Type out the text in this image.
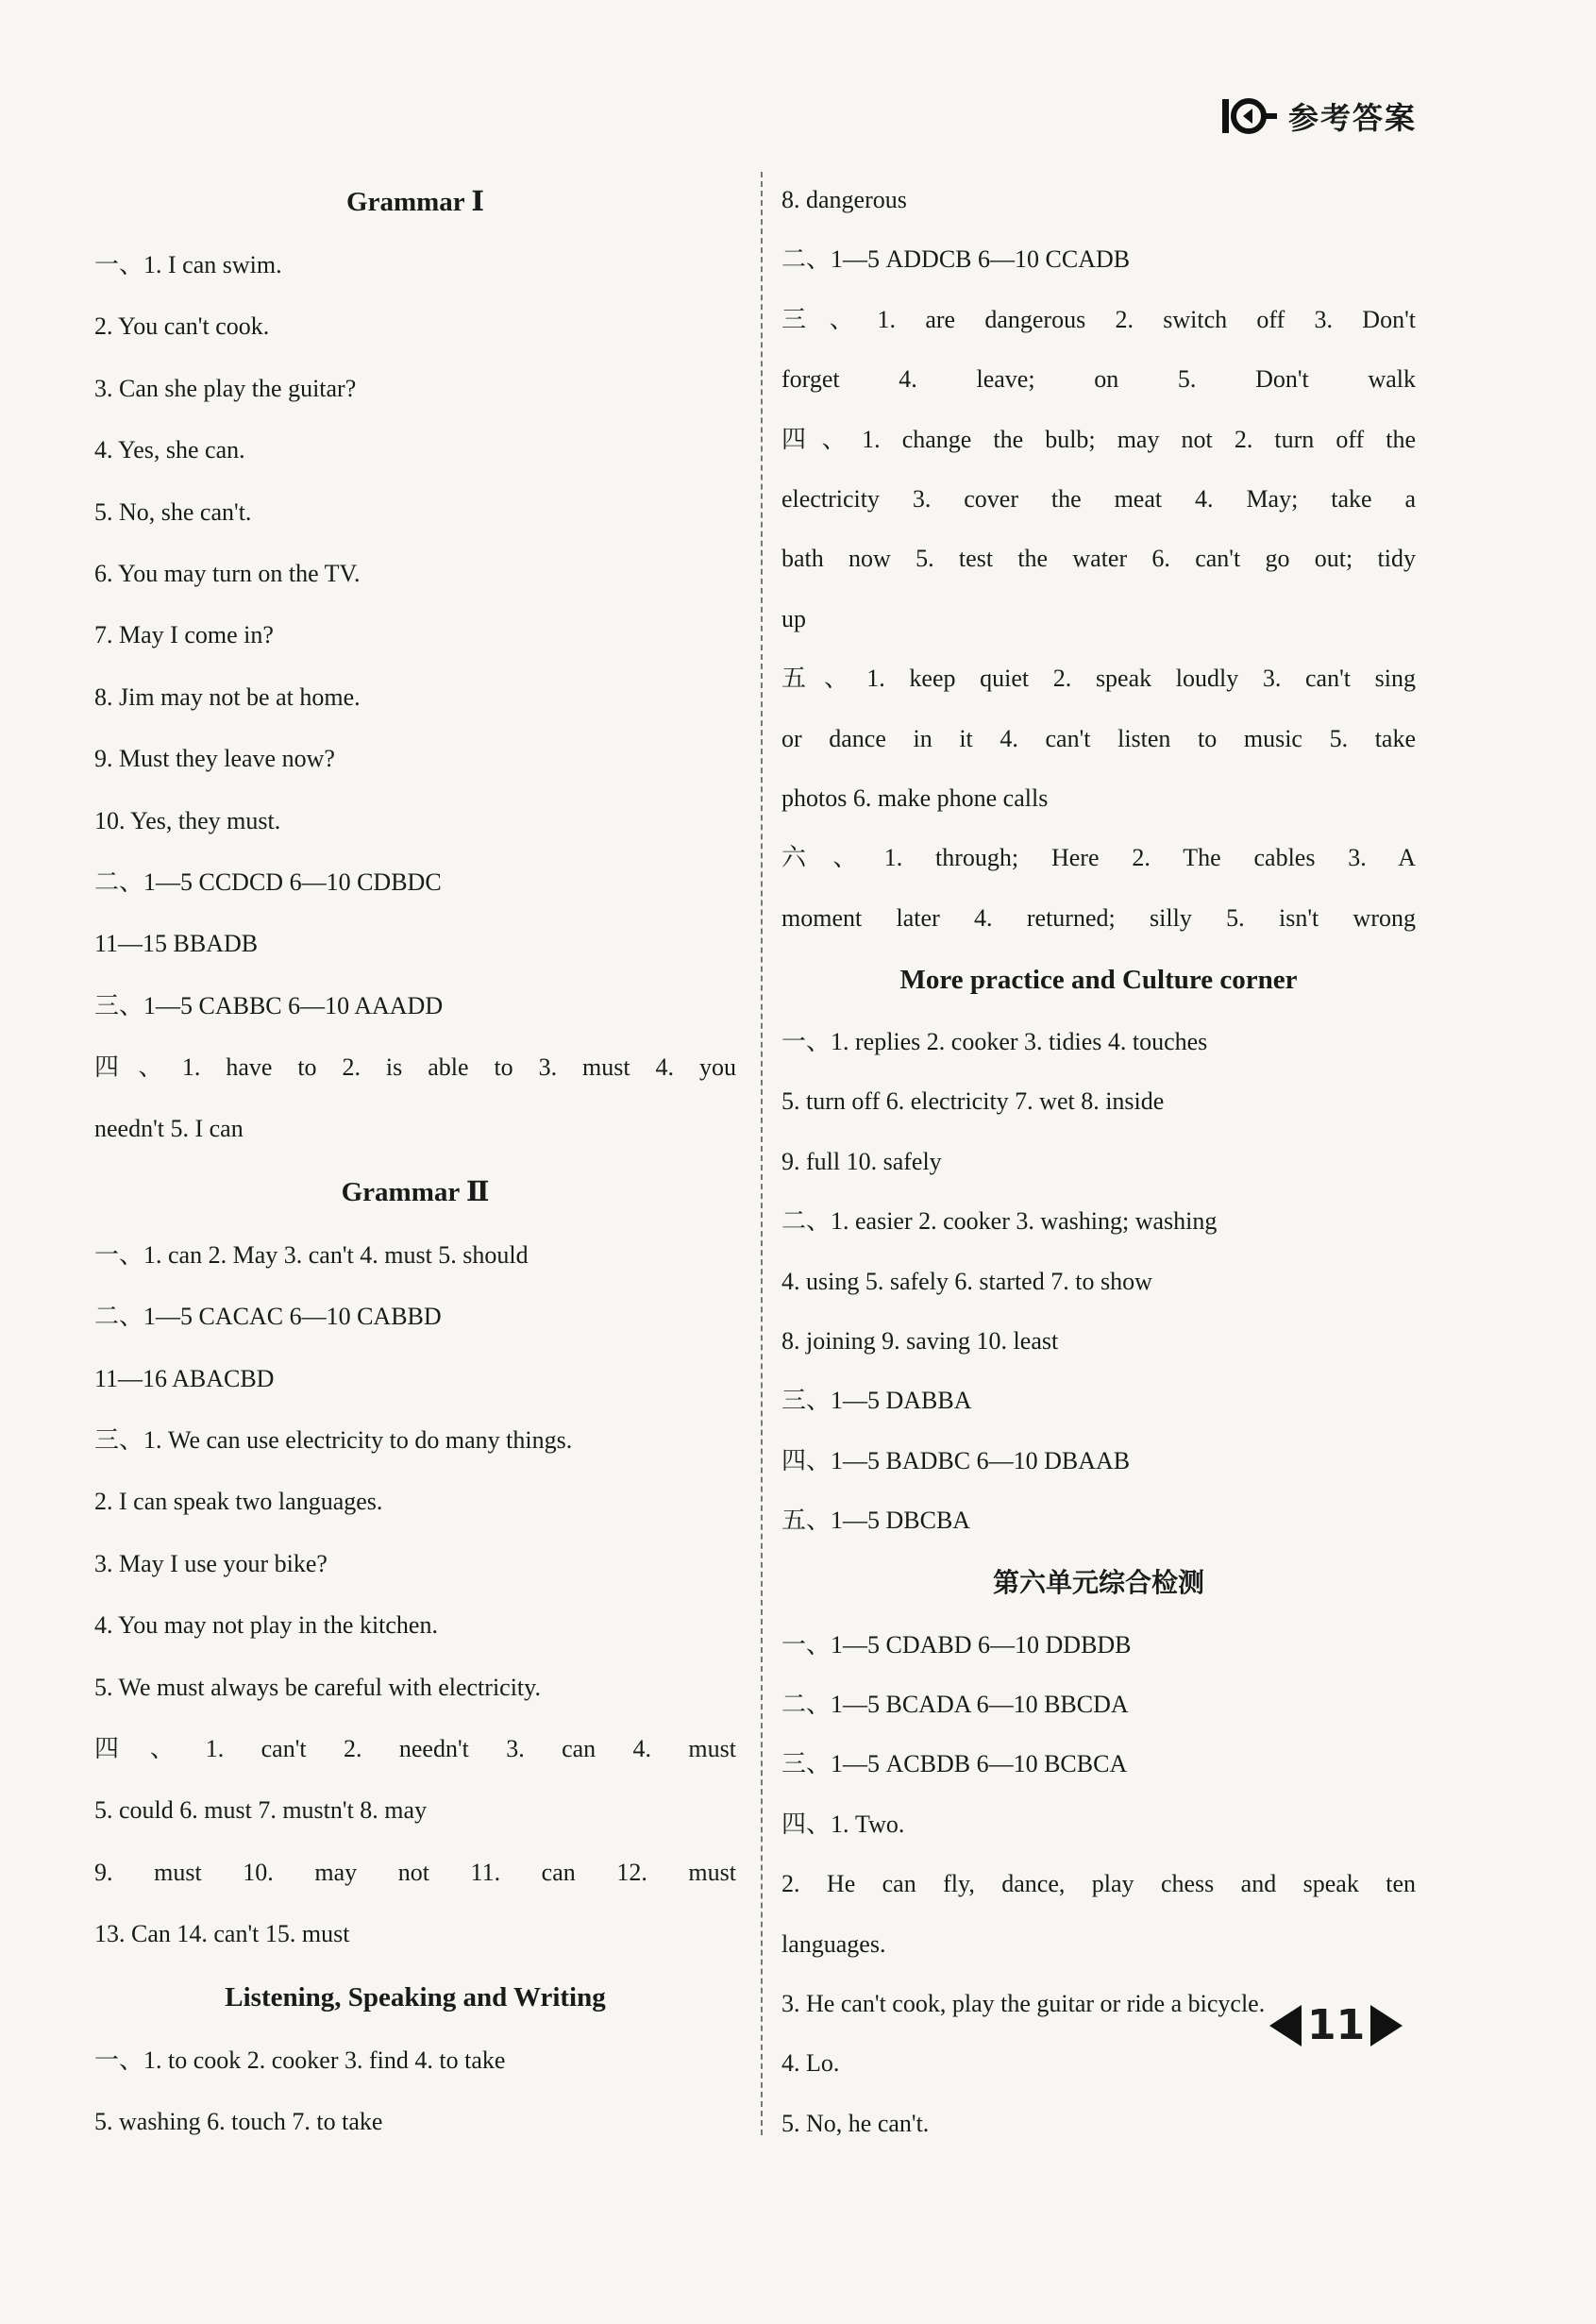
参考答案
Grammar Ⅰ
一、1. I can swim.
2. You can't cook.
3. Can she play the guitar?
4. Yes, she can.
5. No, she can't.
6. You may turn on the TV.
7. May I come in?
8. Jim may not be at home.
9. Must they leave now?
10. Yes, they must.
二、1—5 CCDCD 6—10 CDBDC
11—15 BBADB
三、1—5 CABBC 6—10 AAADD
四、1. have to 2. is able to 3. must 4. you
needn't 5. I can
Grammar Ⅱ
一、1. can 2. May 3. can't 4. must 5. should
二、1—5 CACAC 6—10 CABBD
11—16 ABACBD
三、1. We can use electricity to do many things.
2. I can speak two languages.
3. May I use your bike?
4. You may not play in the kitchen.
5. We must always be careful with electricity.
四、1. can't 2. needn't 3. can 4. must
5. could 6. must 7. mustn't 8. may
9. must 10. may not 11. can 12. must
13. Can 14. can't 15. must
Listening, Speaking and Writing
一、1. to cook 2. cooker 3. find 4. to take
5. washing 6. touch 7. to take
8. dangerous
二、1—5 ADDCB 6—10 CCADB
三、1. are dangerous 2. switch off 3. Don't
forget 4. leave; on 5. Don't walk
四、1. change the bulb; may not 2. turn off the
electricity 3. cover the meat 4. May; take a
bath now 5. test the water 6. can't go out; tidy
up
五、1. keep quiet 2. speak loudly 3. can't sing
or dance in it 4. can't listen to music 5. take
photos 6. make phone calls
六、1. through; Here 2. The cables 3. A
moment later 4. returned; silly 5. isn't wrong
More practice and Culture corner
一、1. replies 2. cooker 3. tidies 4. touches
5. turn off 6. electricity 7. wet 8. inside
9. full 10. safely
二、1. easier 2. cooker 3. washing; washing
4. using 5. safely 6. started 7. to show
8. joining 9. saving 10. least
三、1—5 DABBA
四、1—5 BADBC 6—10 DBAAB
五、1—5 DBCBA
第六单元综合检测
一、1—5 CDABD 6—10 DDBDB
二、1—5 BCADA 6—10 BBCDA
三、1—5 ACBDB 6—10 BCBCA
四、1. Two.
2. He can fly, dance, play chess and speak ten
languages.
3. He can't cook, play the guitar or ride a bicycle.
4. Lo.
5. No, he can't.
11
